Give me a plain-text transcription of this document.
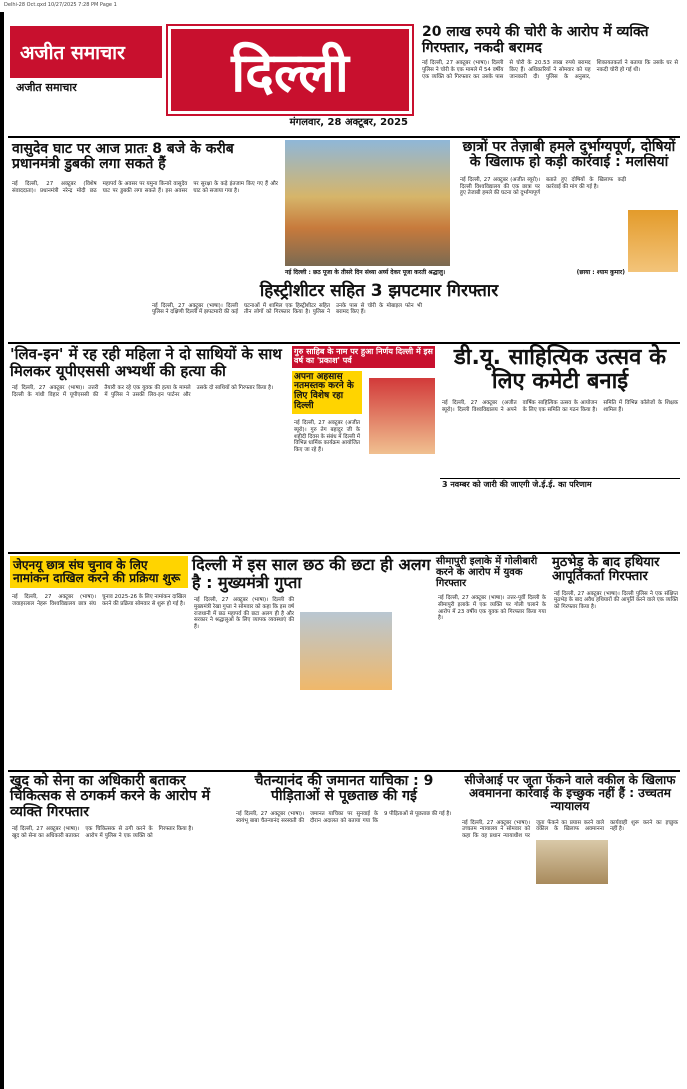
Delhi-28 Oct.qxd 10/27/2025 7:28 PM Page 1
अजीत समाचार
अजीत समाचार	दिल्ली
मंगलवार, 28 अक्टूबर, 2025
20 लाख रुपये की चोरी के आरोप में व्यक्ति गिरफ्तार, नकदी बरामद
नई दिल्ली, 27 अक्टूबर (भाषा)। दिल्ली पुलिस ने चोरी के एक मामले में 54 वर्षीय एक व्यक्ति को गिरफ्तार कर उसके पास से चोरी के 20.53 लाख रुपये बरामद किए हैं। अधिकारियों ने सोमवार को यह जानकारी दी। पुलिस के अनुसार, शिकायतकर्ता ने बताया कि उसके घर से नकदी चोरी हो गई थी।
वासुदेव घाट पर आज प्रातः 8 बजे के करीब प्रधानमंत्री डुबकी लगा सकते हैं
नई दिल्ली, 27 अक्टूबर (विशेष संवाददाता)। प्रधानमंत्री नरेन्द्र मोदी छठ महापर्व के अवसर पर यमुना किनारे वासुदेव घाट पर डुबकी लगा सकते हैं। इस अवसर पर सुरक्षा के कड़े इंतजाम किए गए हैं और घाट को सजाया गया है।
नई दिल्ली : छठ पूजा के तीसरे दिन संध्या अर्घ्य देकर पूजा करती श्रद्धालु।	(छाया : श्याम कुमार)
छात्रों पर तेज़ाबी हमले दुर्भाग्यपूर्ण, दोषियों के खिलाफ हो कड़ी कार्रवाई : मलसियां
नई दिल्ली, 27 अक्टूबर (अजीत ब्यूरो)। दिल्ली विश्वविद्यालय की एक छात्रा पर हुए तेजाबी हमले की घटना को दुर्भाग्यपूर्ण बताते हुए दोषियों के खिलाफ कड़ी कार्रवाई की मांग की गई है।
हिस्ट्रीशीटर सहित 3 झपटमार गिरफ्तार
नई दिल्ली, 27 अक्टूबर (भाषा)। दिल्ली पुलिस ने दक्षिणी दिल्ली में झपटमारी की कई घटनाओं में शामिल एक हिस्ट्रीशीटर सहित तीन लोगों को गिरफ्तार किया है। पुलिस ने उनके पास से चोरी के मोबाइल फोन भी बरामद किए हैं।
'लिव-इन' में रह रही महिला ने दो साथियों के साथ मिलकर यूपीएससी अभ्यर्थी की हत्या की
नई दिल्ली, 27 अक्टूबर (भाषा)। उत्तरी दिल्ली के गांधी विहार में यूपीएससी की तैयारी कर रहे एक युवक की हत्या के मामले में पुलिस ने उसकी लिव-इन पार्टनर और उसके दो साथियों को गिरफ्तार किया है।
गुरु साहिब के नाम पर हुआ निर्णय दिल्ली में इस वर्ष का 'प्रकाश' पर्व
अपना अहसास नतमस्तक करने के लिए विशेष रहा दिल्ली
नई दिल्ली, 27 अक्टूबर (अजीत ब्यूरो)। गुरु तेग बहादुर जी के शहीदी दिवस के संबंध में दिल्ली में विभिन्न धार्मिक कार्यक्रम आयोजित किए जा रहे हैं।
डी.यू. साहित्यिक उत्सव के लिए कमेटी बनाई
नई दिल्ली, 27 अक्टूबर (अजीत ब्यूरो)। दिल्ली विश्वविद्यालय ने अपने वार्षिक साहित्यिक उत्सव के आयोजन के लिए एक समिति का गठन किया है। समिति में विभिन्न कॉलेजों के शिक्षक शामिल हैं।
3 नवम्बर को जारी की जाएगी जे.ई.ई. का परिणाम
जेएनयू छात्र संघ चुनाव के लिए नामांकन दाखिल करने की प्रक्रिया शुरू
नई दिल्ली, 27 अक्टूबर (भाषा)। जवाहरलाल नेहरू विश्वविद्यालय छात्र संघ चुनाव 2025-26 के लिए नामांकन दाखिल करने की प्रक्रिया सोमवार से शुरू हो गई है।
दिल्ली में इस साल छठ की छटा ही अलग है : मुख्यमंत्री गुप्ता
नई दिल्ली, 27 अक्टूबर (भाषा)। दिल्ली की मुख्यमंत्री रेखा गुप्ता ने सोमवार को कहा कि इस वर्ष राजधानी में छठ महापर्व की छटा अलग ही है और सरकार ने श्रद्धालुओं के लिए व्यापक व्यवस्थाएं की हैं।
सीमापुरी इलाके में गोलीबारी करने के आरोप में युवक गिरफ्तार
नई दिल्ली, 27 अक्टूबर (भाषा)। उत्तर-पूर्वी दिल्ली के सीमापुरी इलाके में एक व्यक्ति पर गोली चलाने के आरोप में 23 वर्षीय एक युवक को गिरफ्तार किया गया है।
मुठभेड़ के बाद हथियार आपूर्तिकर्ता गिरफ्तार
नई दिल्ली, 27 अक्टूबर (भाषा)। दिल्ली पुलिस ने एक संक्षिप्त मुठभेड़ के बाद अवैध हथियारों की आपूर्ति करने वाले एक व्यक्ति को गिरफ्तार किया है।
खुद को सेना का अधिकारी बताकर चिकित्सक से ठगकर्म करने के आरोप में व्यक्ति गिरफ्तार
नई दिल्ली, 27 अक्टूबर (भाषा)। खुद को सेना का अधिकारी बताकर एक चिकित्सक से ठगी करने के आरोप में पुलिस ने एक व्यक्ति को गिरफ्तार किया है।
चैतन्यानंद की जमानत याचिका : 9 पीड़िताओं से पूछताछ की गई
नई दिल्ली, 27 अक्टूबर (भाषा)। स्वयंभू बाबा चैतन्यानंद सरस्वती की जमानत याचिका पर सुनवाई के दौरान अदालत को बताया गया कि 9 पीड़िताओं से पूछताछ की गई है।
सीजेआई पर जूता फेंकने वाले वकील के खिलाफ अवमानना कार्रवाई के इच्छुक नहीं हैं : उच्चतम न्यायालय
नई दिल्ली, 27 अक्टूबर (भाषा)। उच्चतम न्यायालय ने सोमवार को कहा कि वह प्रधान न्यायाधीश पर जूता फेंकने का प्रयास करने वाले वकील के खिलाफ अवमानना कार्यवाही शुरू करने का इच्छुक नहीं है।
